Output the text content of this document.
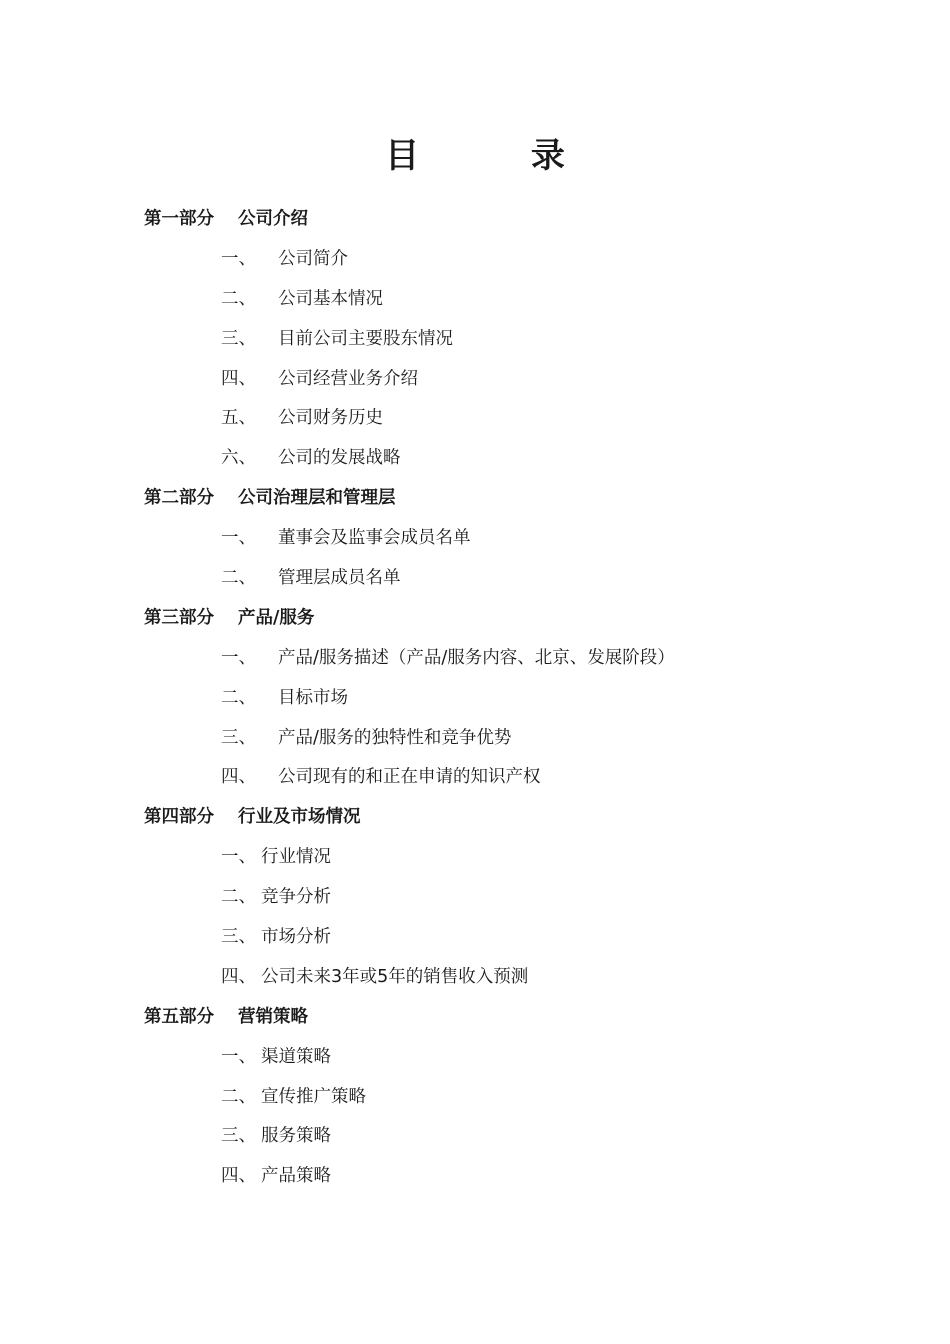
目 录
第一部分 公司介绍
一、 公司简介
二、 公司基本情况
三、 目前公司主要股东情况
四、 公司经营业务介绍
五、 公司财务历史
六、 公司的发展战略
第二部分 公司治理层和管理层
一、 董事会及监事会成员名单
二、 管理层成员名单
第三部分 产品/服务
一、 产品/服务描述（产品/服务内容、北京、发展阶段）
二、 目标市场
三、 产品/服务的独特性和竞争优势
四、 公司现有的和正在申请的知识产权
第四部分 行业及市场情况
一、 行业情况
二、 竞争分析
三、 市场分析
四、 公司未来3年或5年的销售收入预测
第五部分 营销策略
一、 渠道策略
二、 宣传推广策略
三、 服务策略
四、 产品策略
